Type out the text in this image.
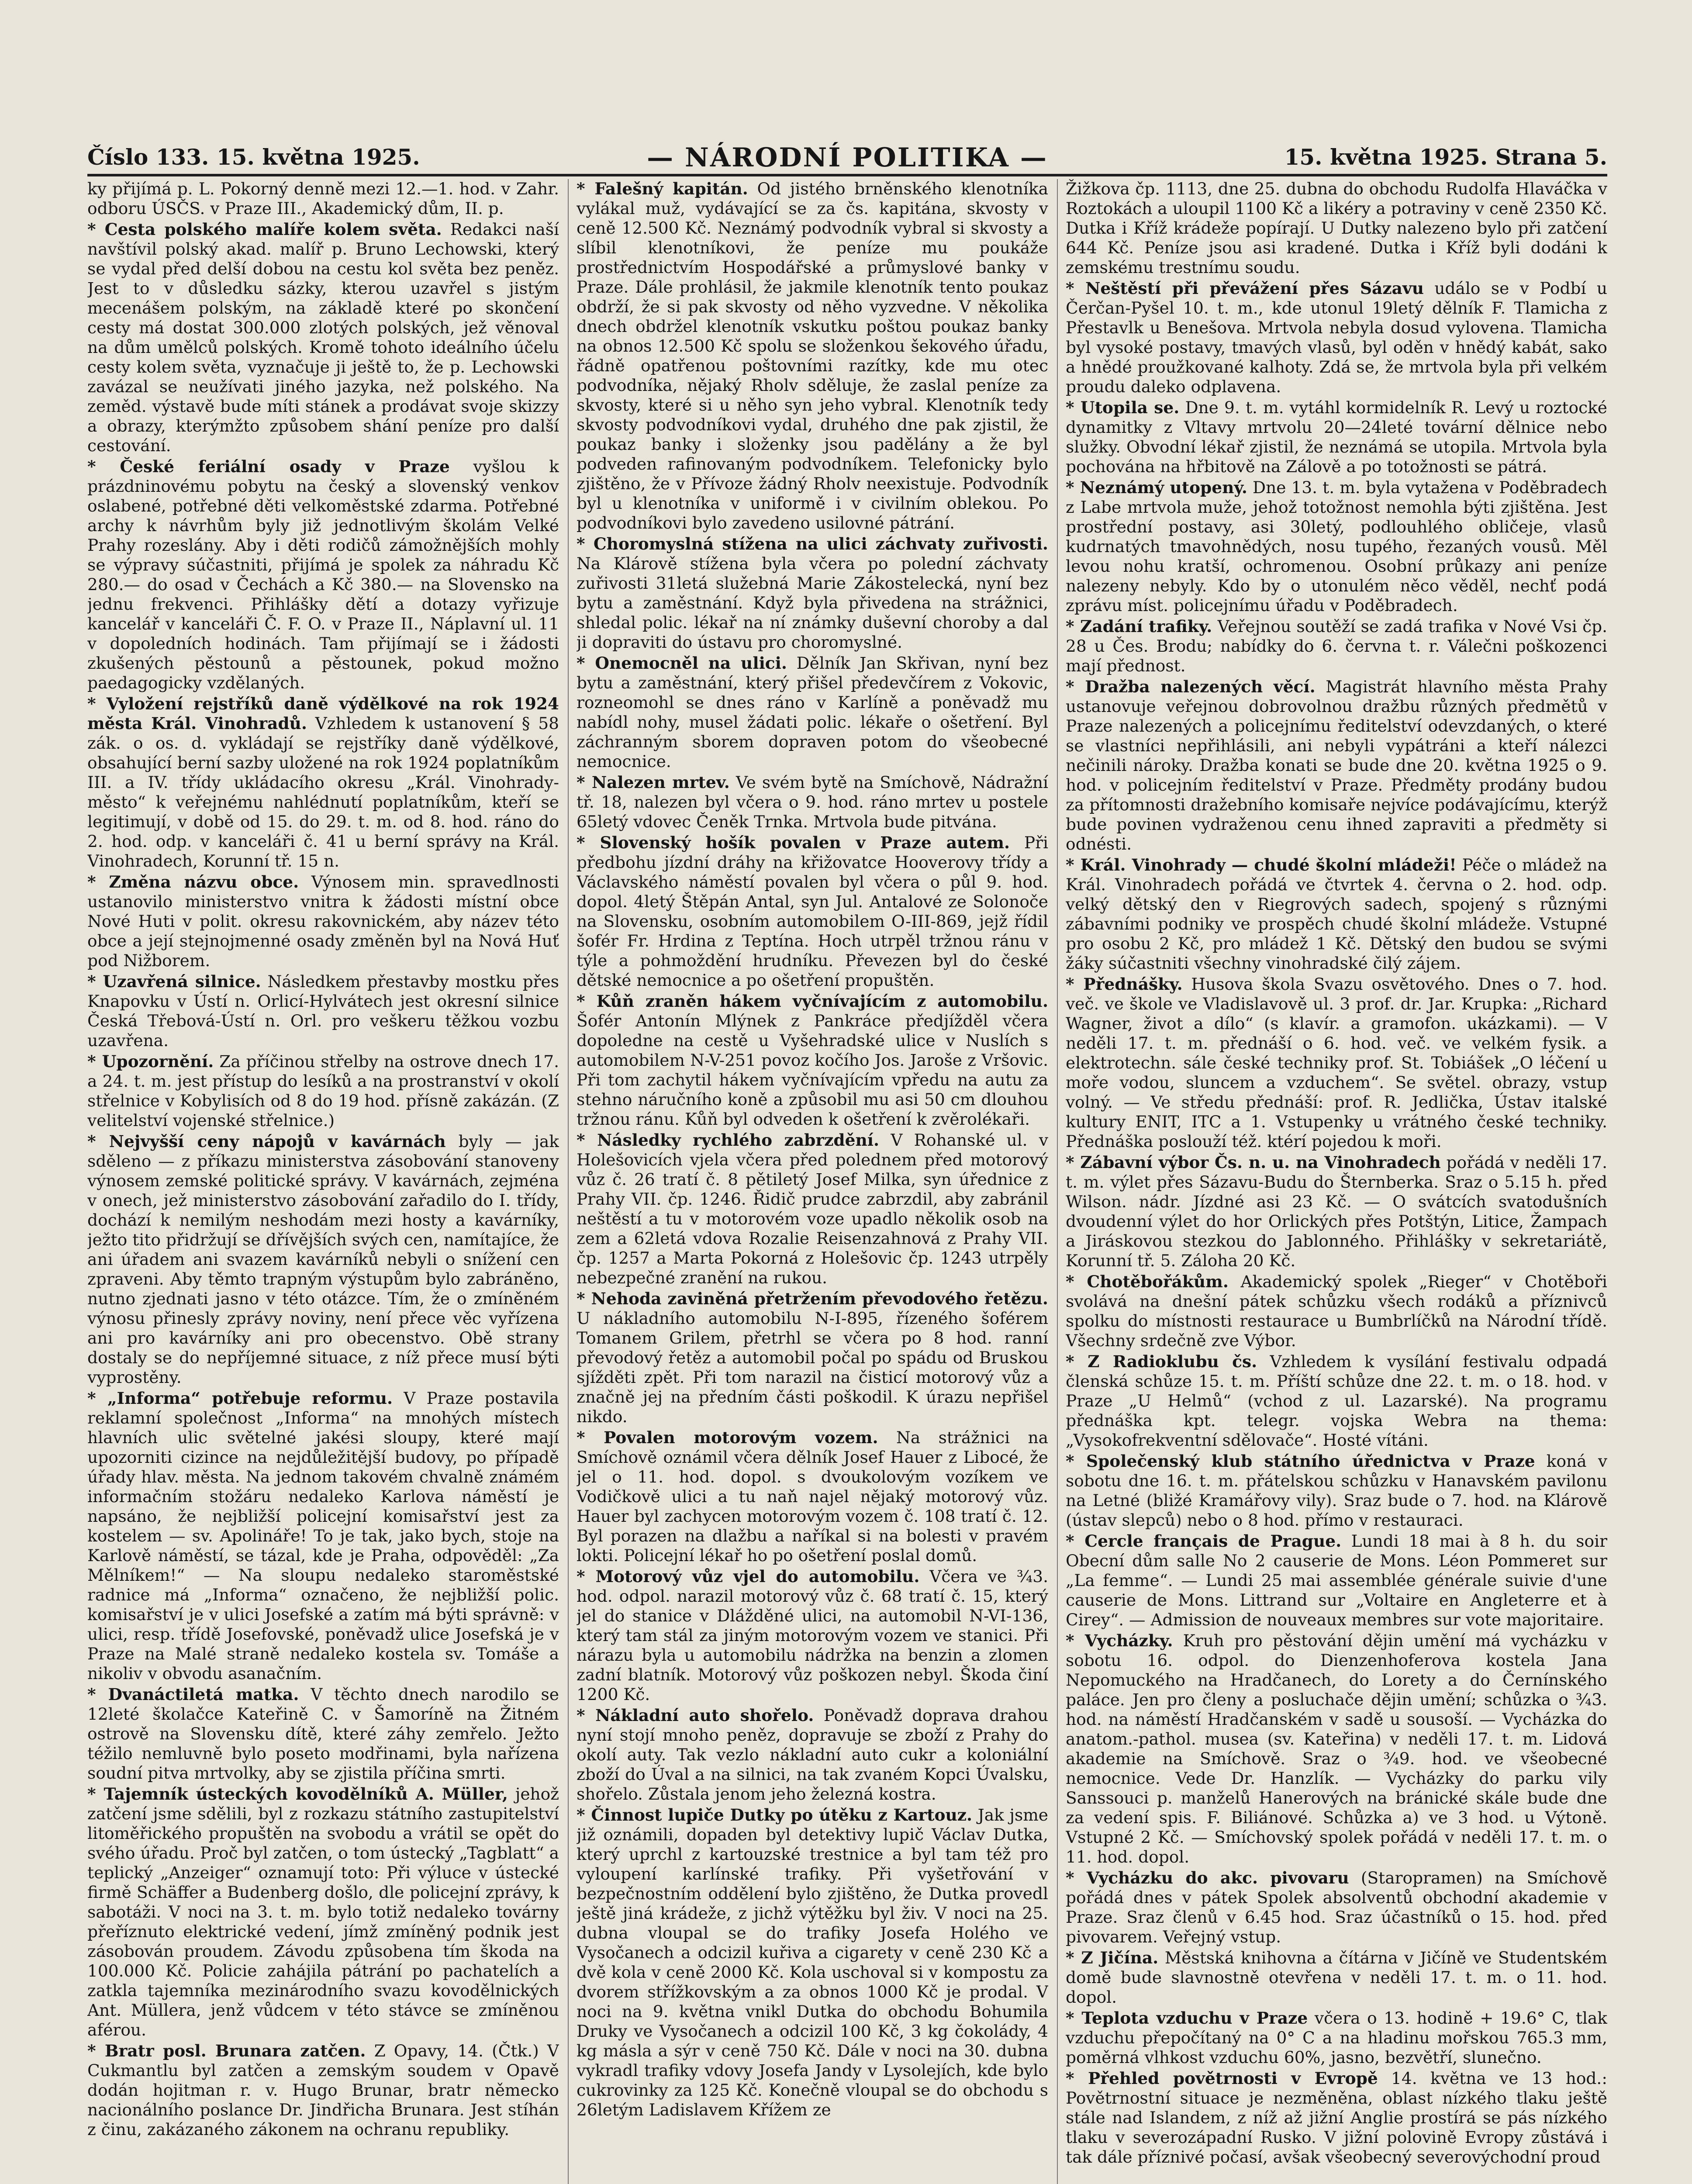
Číslo 133. 15. května 1925.	— NÁRODNÍ POLITIKA —	15. května 1925. Strana 5.

ky přijímá p. L. Pokorný denně mezi 12.—1. hod. v Zahr. odboru ÚSČS. v Praze III., Akademický dům, II. p.

* Cesta polského malíře kolem světa. Redakci naší navštívil polský akad. malíř p. Bruno Lechowski, který se vydal před delší dobou na cestu kol světa bez peněz. Jest to v důsledku sázky, kterou uzavřel s jistým mecenášem polským, na základě které po skončení cesty má dostat 300.000 zlotých polských, jež věnoval na dům umělců polských. Kromě tohoto ideálního účelu cesty kolem světa, vyznačuje ji ještě to, že p. Lechowski zavázal se neužívati jiného jazyka, než polského. Na zeměd. výstavě bude míti stánek a prodávat svoje skizzy a obrazy, kterýmžto způsobem shání peníze pro další cestování.

* České feriální osady v Praze vyšlou k prázdninovému pobytu na český a slovenský venkov oslabené, potřebné děti velkoměstské zdarma. Potřebné archy k návrhům byly již jednotlivým školám Velké Prahy rozeslány. Aby i děti rodičů zámožnějších mohly se výpravy súčastniti, přijímá je spolek za náhradu Kč 280.— do osad v Čechách a Kč 380.— na Slovensko na jednu frekvenci. Přihlášky dětí a dotazy vyřizuje kancelář v kanceláři Č. F. O. v Praze II., Náplavní ul. 11 v dopoledních hodinách. Tam přijímají se i žádosti zkušených pěstounů a pěstounek, pokud možno paedagogicky vzdělaných.

* Vyložení rejstříků daně výdělkové na rok 1924 města Král. Vinohradů. Vzhledem k ustanovení § 58 zák. o os. d. vykládají se rejstříky daně výdělkové, obsahující berní sazby uložené na rok 1924 poplatníkům III. a IV. třídy ukládacího okresu „Král. Vinohrady-město“ k veřejnému nahlédnutí poplatníkům, kteří se legitimují, v době od 15. do 29. t. m. od 8. hod. ráno do 2. hod. odp. v kanceláři č. 41 u berní správy na Král. Vinohradech, Korunní tř. 15 n.

* Změna názvu obce. Výnosem min. spravedlnosti ustanovilo ministerstvo vnitra k žádosti místní obce Nové Huti v polit. okresu rakovnickém, aby název této obce a její stejnojmenné osady změněn byl na Nová Huť pod Nižborem.

* Uzavřená silnice. Následkem přestavby mostku přes Knapovku v Ústí n. Orlicí-Hylvátech jest okresní silnice Česká Třebová-Ústí n. Orl. pro veškeru těžkou vozbu uzavřena.

* Upozornění. Za příčinou střelby na ostrove dnech 17. a 24. t. m. jest přístup do lesíků a na prostranství v okolí střelnice v Kobylisích od 8 do 19 hod. přísně zakázán. (Z velitelství vojenské střelnice.)

* Nejvyšší ceny nápojů v kavárnách byly — jak sděleno — z příkazu ministerstva zásobování stanoveny výnosem zemské politické správy. V kavárnách, zejména v onech, jež ministerstvo zásobování zařadilo do I. třídy, dochází k nemilým neshodám mezi hosty a kavárníky, ježto tito přidržují se dřívějších svých cen, namítajíce, že ani úřadem ani svazem kavárníků nebyli o snížení cen zpraveni. Aby těmto trapným výstupům bylo zabráněno, nutno zjednati jasno v této otázce. Tím, že o zmíněném výnosu přinesly zprávy noviny, není přece věc vyřízena ani pro kavárníky ani pro obecenstvo. Obě strany dostaly se do nepříjemné situace, z níž přece musí býti vyprostěny.

* „Informa“ potřebuje reformu. V Praze postavila reklamní společnost „Informa“ na mnohých místech hlavních ulic světelné jakési sloupy, které mají upozorniti cizince na nejdůležitější budovy, po případě úřady hlav. města. Na jednom takovém chvalně známém informačním stožáru nedaleko Karlova náměstí je napsáno, že nejbližší policejní komisařství jest za kostelem — sv. Apolináře! To je tak, jako bych, stoje na Karlově náměstí, se tázal, kde je Praha, odpověděl: „Za Mělníkem!“ — Na sloupu nedaleko staroměstské radnice má „Informa“ označeno, že nejbližší polic. komisařství je v ulici Josefské a zatím má býti správně: v ulici, resp. třídě Josefovské, poněvadž ulice Josefská je v Praze na Malé straně nedaleko kostela sv. Tomáše a nikoliv v obvodu asanačním.

* Dvanáctiletá matka. V těchto dnech narodilo se 12leté školačce Kateřině C. v Šamoríně na Žitném ostrově na Slovensku dítě, které záhy zemřelo. Ježto téžilo nemluvně bylo poseto modřinami, byla nařízena soudní pitva mrtvolky, aby se zjistila příčina smrti.

* Tajemník ústeckých kovodělníků A. Müller, jehož zatčení jsme sdělili, byl z rozkazu státního zastupitelství litoměřického propuštěn na svobodu a vrátil se opět do svého úřadu. Proč byl zatčen, o tom ústecký „Tagblatt“ a teplický „Anzeiger“ oznamují toto: Při výluce v ústecké firmě Schäffer a Budenberg došlo, dle policejní zprávy, k sabotáži. V noci na 3. t. m. bylo totiž nedaleko továrny přeříznuto elektrické vedení, jímž zmíněný podnik jest zásobován proudem. Závodu způsobena tím škoda na 100.000 Kč. Policie zahájila pátrání po pachatelích a zatkla tajemníka mezinárodního svazu kovodělnických Ant. Müllera, jenž vůdcem v této stávce se zmíněnou aférou.

* Bratr posl. Brunara zatčen. Z Opavy, 14. (Čtk.) V Cukmantlu byl zatčen a zemským soudem v Opavě dodán hojitman r. v. Hugo Brunar, bratr německo nacionálního poslance Dr. Jindřicha Brunara. Jest stíhán z činu, zakázaného zákonem na ochranu republiky.

* Falešný kapitán. Od jistého brněnského klenotníka vylákal muž, vydávající se za čs. kapitána, skvosty v ceně 12.500 Kč. Neznámý podvodník vybral si skvosty a slíbil klenotníkovi, že peníze mu poukáže prostřednictvím Hospodářské a průmyslové banky v Praze. Dále prohlásil, že jakmile klenotník tento poukaz obdrží, že si pak skvosty od něho vyzvedne. V několika dnech obdržel klenotník vskutku poštou poukaz banky na obnos 12.500 Kč spolu se složenkou šekového úřadu, řádně opatřenou poštovními razítky, kde mu otec podvodníka, nějaký Rholv sděluje, že zaslal peníze za skvosty, které si u něho syn jeho vybral. Klenotník tedy skvosty podvodníkovi vydal, druhého dne pak zjistil, že poukaz banky i složenky jsou padělány a že byl podveden rafinovaným podvodníkem. Telefonicky bylo zjištěno, že v Přívoze žádný Rholv neexistuje. Podvodník byl u klenotníka v uniformě i v civilním oblekou. Po podvodníkovi bylo zavedeno usilovné pátrání.

* Choromyslná stížena na ulici záchvaty zuřivosti. Na Klárově stížena byla včera po polední záchvaty zuřivosti 31letá služebná Marie Zákostelecká, nyní bez bytu a zaměstnání. Když byla přivedena na strážnici, shledal polic. lékař na ní známky duševní choroby a dal ji dopraviti do ústavu pro choromyslné.

* Onemocněl na ulici. Dělník Jan Skřivan, nyní bez bytu a zaměstnání, který přišel předevčírem z Vokovic, rozneomohl se dnes ráno v Karlíně a poněvadž mu nabídl nohy, musel žádati polic. lékaře o ošetření. Byl záchranným sborem dopraven potom do všeobecné nemocnice.

* Nalezen mrtev. Ve svém bytě na Smíchově, Nádražní tř. 18, nalezen byl včera o 9. hod. ráno mrtev u postele 65letý vdovec Čeněk Trnka. Mrtvola bude pitvána.

* Slovenský hošík povalen v Praze autem. Při předbohu jízdní dráhy na křižovatce Hooverovy třídy a Václavského náměstí povalen byl včera o půl 9. hod. dopol. 4letý Štěpán Antal, syn Jul. Antalové ze Solonoče na Slovensku, osobním automobilem O-III-869, jejž řídil šofér Fr. Hrdina z Teptína. Hoch utrpěl tržnou ránu v týle a pohmoždění hrudníku. Převezen byl do české dětské nemocnice a po ošetření propuštěn.

* Kůň zraněn hákem vyčnívajícím z automobilu. Šofér Antonín Mlýnek z Pankráce předjížděl včera dopoledne na cestě u Vyšehradské ulice v Nuslích s automobilem N-V-251 povoz kočího Jos. Jaroše z Vršovic. Při tom zachytil hákem vyčnívajícím vpředu na autu za stehno náručního koně a způsobil mu asi 50 cm dlouhou tržnou ránu. Kůň byl odveden k ošetření k zvěrolékaři.

* Následky rychlého zabrzdění. V Rohanské ul. v Holešovicích vjela včera před polednem před motorový vůz č. 26 tratí č. 8 pětiletý Josef Milka, syn úřednice z Prahy VII. čp. 1246. Řidič prudce zabrzdil, aby zabránil neštěstí a tu v motorovém voze upadlo několik osob na zem a 62letá vdova Rozalie Reisenzahnová z Prahy VII. čp. 1257 a Marta Pokorná z Holešovic čp. 1243 utrpěly nebezpečné zranění na rukou.

* Nehoda zaviněná přetržením převodového řetězu. U nákladního automobilu N-I-895, řízeného šoférem Tomanem Grilem, přetrhl se včera po 8 hod. ranní převodový řetěz a automobil počal po spádu od Bruskou sjížděti zpět. Při tom narazil na čisticí motorový vůz a značně jej na předním části poškodil. K úrazu nepřišel nikdo.

* Povalen motorovým vozem. Na strážnici na Smíchově oznámil včera dělník Josef Hauer z Libocé, že jel o 11. hod. dopol. s dvoukolovým vozíkem ve Vodičkově ulici a tu naň najel nějaký motorový vůz. Hauer byl zachycen motorovým vozem č. 108 tratí č. 12. Byl porazen na dlažbu a naříkal si na bolesti v pravém lokti. Policejní lékař ho po ošetření poslal domů.

* Motorový vůz vjel do automobilu. Včera ve ¾3. hod. odpol. narazil motorový vůz č. 68 tratí č. 15, který jel do stanice v Dlážděné ulici, na automobil N-VI-136, který tam stál za jiným motorovým vozem ve stanici. Při nárazu byla u automobilu nádržka na benzin a zlomen zadní blatník. Motorový vůz poškozen nebyl. Škoda činí 1200 Kč.

* Nákladní auto shořelo. Poněvadž doprava drahou nyní stojí mnoho peněz, dopravuje se zboží z Prahy do okolí auty. Tak vezlo nákladní auto cukr a koloniální zboží do Úval a na silnici, na tak zvaném Kopci Úvalsku, shořelo. Zůstala jenom jeho železná kostra.

* Činnost lupiče Dutky po útěku z Kartouz. Jak jsme již oznámili, dopaden byl detektivy lupič Václav Dutka, který uprchl z kartouzské trestnice a byl tam též pro vyloupení karlínské trafiky. Při vyšetřování v bezpečnostním oddělení bylo zjištěno, že Dutka provedl ještě jiná krádeže, z jichž výtěžku byl živ. V noci na 25. dubna vloupal se do trafiky Josefa Holého ve Vysočanech a odcizil kuřiva a cigarety v ceně 230 Kč a dvě kola v ceně 2000 Kč. Kola uschoval si v kompostu za dvorem střížkovským a za obnos 1000 Kč je prodal. V noci na 9. května vnikl Dutka do obchodu Bohumila Druky ve Vysočanech a odcizil 100 Kč, 3 kg čokolády, 4 kg másla a sýr v ceně 750 Kč. Dále v noci na 30. dubna vykradl trafiky vdovy Josefa Jandy v Lysolejích, kde bylo cukrovinky za 125 Kč. Konečně vloupal se do obchodu s 26letým Ladislavem Křížem ze

Žižkova čp. 1113, dne 25. dubna do obchodu Rudolfa Hlaváčka v Roztokách a uloupil 1100 Kč a likéry a potraviny v ceně 2350 Kč. Dutka i Kříž krádeže popírají. U Dutky nalezeno bylo při zatčení 644 Kč. Peníze jsou asi kradené. Dutka i Kříž byli dodáni k zemskému trestnímu soudu.

* Neštěstí při převážení přes Sázavu událo se v Podbí u Čerčan-Pyšel 10. t. m., kde utonul 19letý dělník F. Tlamicha z Přestavlk u Benešova. Mrtvola nebyla dosud vylovena. Tlamicha byl vysoké postavy, tmavých vlasů, byl oděn v hnědý kabát, sako a hnědé proužkované kalhoty. Zdá se, že mrtvola byla při velkém proudu daleko odplavena.

* Utopila se. Dne 9. t. m. vytáhl kormidelník R. Levý u roztocké dynamitky z Vltavy mrtvolu 20—24leté tovární dělnice nebo služky. Obvodní lékař zjistil, že neznámá se utopila. Mrtvola byla pochována na hřbitově na Zálově a po totožnosti se pátrá.

* Neznámý utopený. Dne 13. t. m. byla vytažena v Poděbradech z Labe mrtvola muže, jehož totožnost nemohla býti zjištěna. Jest prostřední postavy, asi 30letý, podlouhlého obličeje, vlasů kudrnatých tmavohnědých, nosu tupého, řezaných vousů. Měl levou nohu kratší, ochromenou. Osobní průkazy ani peníze nalezeny nebyly. Kdo by o utonulém něco věděl, nechť podá zprávu míst. policejnímu úřadu v Poděbradech.

* Zadání trafiky. Veřejnou soutěží se zadá trafika v Nové Vsi čp. 28 u Čes. Brodu; nabídky do 6. června t. r. Válečni poškozenci mají přednost.

* Dražba nalezených věcí. Magistrát hlavního města Prahy ustanovuje veřejnou dobrovolnou dražbu různých předmětů v Praze nalezených a policejnímu ředitelství odevzdaných, o které se vlastníci nepřihlásili, ani nebyli vypátráni a kteří nálezci nečinili nároky. Dražba konati se bude dne 20. května 1925 o 9. hod. v policejním ředitelství v Praze. Předměty prodány budou za přítomnosti dražebního komisaře nejvíce podávajícímu, kterýž bude povinen vydraženou cenu ihned zapraviti a předměty si odnésti.

* Král. Vinohrady — chudé školní mládeži! Péče o mládež na Král. Vinohradech pořádá ve čtvrtek 4. června o 2. hod. odp. velký dětský den v Riegrových sadech, spojený s různými zábavními podniky ve prospěch chudé školní mládeže. Vstupné pro osobu 2 Kč, pro mládež 1 Kč. Dětský den budou se svými žáky súčastniti všechny vinohradské čilý zájem.

* Přednášky. Husova škola Svazu osvětového. Dnes o 7. hod. več. ve škole ve Vladislavově ul. 3 prof. dr. Jar. Krupka: „Richard Wagner, život a dílo“ (s klavír. a gramofon. ukázkami). — V neděli 17. t. m. přednáší o 6. hod. več. ve velkém fysik. a elektrotechn. sále české techniky prof. St. Tobiášek „O léčení u moře vodou, sluncem a vzduchem“. Se světel. obrazy, vstup volný. — Ve středu přednáší: prof. R. Jedlička, Ústav italské kultury ENIT, ITC a 1. Vstupenky u vrátného české techniky. Přednáška poslouží též. ktérí pojedou k moři.

* Zábavní výbor Čs. n. u. na Vinohradech pořádá v neděli 17. t. m. výlet přes Sázavu-Budu do Šternberka. Sraz o 5.15 h. před Wilson. nádr. Jízdné asi 23 Kč. — O svátcích svatodušních dvoudenní výlet do hor Orlických přes Potštýn, Litice, Žampach a Jiráskovou stezkou do Jablonného. Přihlášky v sekretariátě, Korunní tř. 5. Záloha 20 Kč.

* Chotěbořákům. Akademický spolek „Rieger“ v Chotěboři svolává na dnešní pátek schůzku všech rodáků a příznivců spolku do místnosti restaurace u Bumbrlíčků na Národní třídě. Všechny srdečně zve Výbor.

* Z Radioklubu čs. Vzhledem k vysílání festivalu odpadá členská schůze 15. t. m. Příští schůze dne 22. t. m. o 18. hod. v Praze „U Helmů“ (vchod z ul. Lazarské). Na programu přednáška kpt. telegr. vojska Webra na thema: „Vysokofrekventní sdělovače“. Hosté vítáni.

* Společenský klub státního úřednictva v Praze koná v sobotu dne 16. t. m. přátelskou schůzku v Hanavském pavilonu na Letné (bližé Kramářovy vily). Sraz bude o 7. hod. na Klárově (ústav slepců) nebo o 8 hod. přímo v restauraci.

* Cercle français de Prague. Lundi 18 mai à 8 h. du soir Obecní dům salle No 2 causerie de Mons. Léon Pommeret sur „La femme“. — Lundi 25 mai assemblée générale suivie d'une causerie de Mons. Littrand sur „Voltaire en Angleterre et à Cirey“. — Admission de nouveaux membres sur vote majoritaire.

* Vycházky. Kruh pro pěstování dějin umění má vycházku v sobotu 16. odpol. do Dienzenhoferova kostela Jana Nepomuckého na Hradčanech, do Lorety a do Černínského paláce. Jen pro členy a posluchače dějin umění; schůzka o ¾3. hod. na náměstí Hradčanském v sadě u sousoší. — Vycházka do anatom.-pathol. musea (sv. Kateřina) v neděli 17. t. m. Lidová akademie na Smíchově. Sraz o ¾9. hod. ve všeobecné nemocnice. Vede Dr. Hanzlík. — Vycházky do parku vily Sanssouci p. manželů Hanerových na bránické skále bude dne za vedení spis. F. Biliánové. Schůzka a) ve 3 hod. u Výtoně. Vstupné 2 Kč. — Smíchovský spolek pořádá v neděli 17. t. m. o 11. hod. dopol.

* Vycházku do akc. pivovaru (Staropramen) na Smíchově pořádá dnes v pátek Spolek absolventů obchodní akademie v Praze. Sraz členů v 6.45 hod. Sraz účastníků o 15. hod. před pivovarem. Veřejný vstup.

* Z Jičína. Městská knihovna a čítárna v Jičíně ve Studentském domě bude slavnostně otevřena v neděli 17. t. m. o 11. hod. dopol.

* Teplota vzduchu v Praze včera o 13. hodině + 19.6° C, tlak vzduchu přepočítaný na 0° C a na hladinu mořskou 765.3 mm, poměrná vlhkost vzduchu 60%, jasno, bezvětří, slunečno.

* Přehled povětrnosti v Evropě 14. května ve 13 hod.: Povětrnostní situace je nezměněna, oblast nízkého tlaku ještě stále nad Islandem, z níž až jižní Anglie prostírá se pás nízkého tlaku v severozápadní Rusko. V jižní polovině Evropy zůstává i tak dále příznivé počasí, avšak všeobecný severovýchodní proud
